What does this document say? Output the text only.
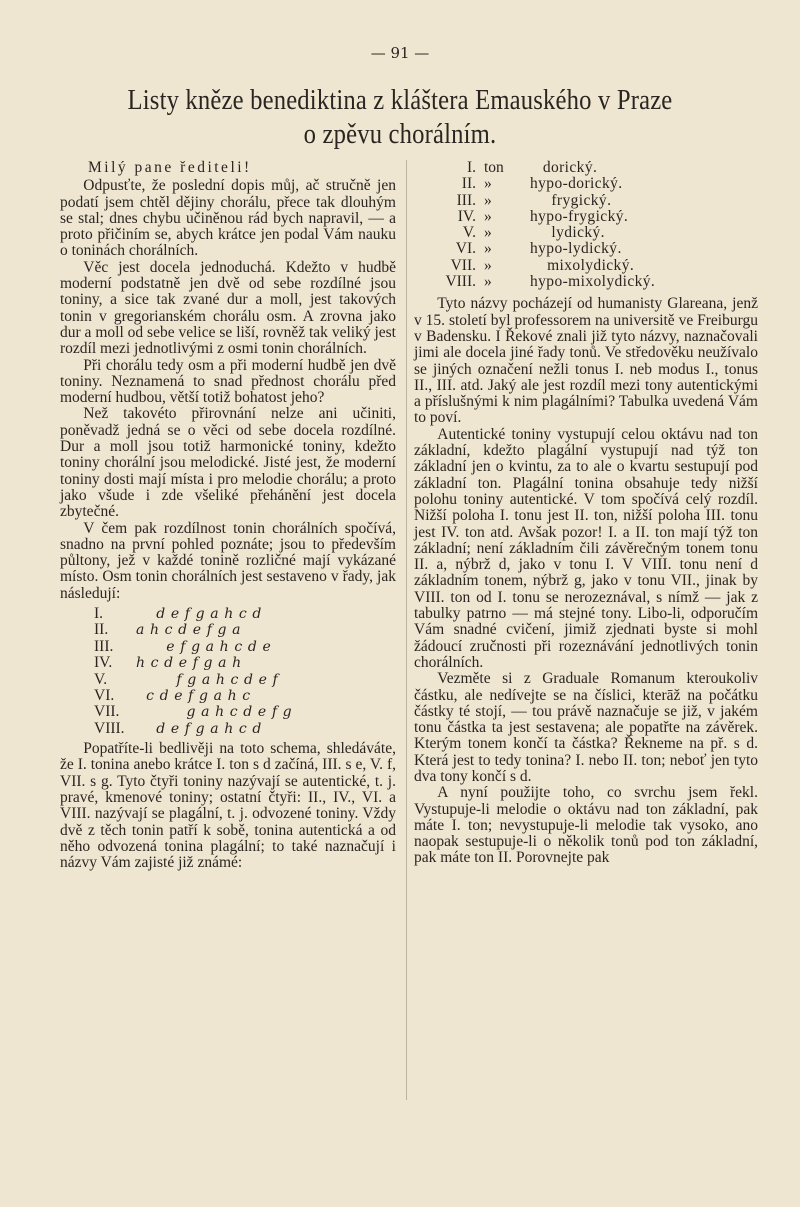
— 91 —
Listy kněze benediktina z kláštera Emauského v Praze
o zpěvu chorálním.
Milý pane řediteli!

Odpusťte, že poslední dopis můj, ač stručně jen podatí jsem chtěl dějiny chorálu, přece tak dlouhým se stal; dnes chybu učiněnou rád bych napravil, — a proto přičiním se, abych krátce jen podal Vám nauku o toninách chorálních.

Věc jest docela jednoduchá. Kdežto v hudbě moderní podstatně jen dvě od sebe rozdílné jsou toniny, a sice tak zvané dur a moll, jest takových tonin v gregorianském chorálu osm. A zrovna jako dur a moll od sebe velice se liší, rovněž tak veliký jest rozdíl mezi jednotlivými z osmi tonin chorálních.

Při chorálu tedy osm a při moderní hudbě jen dvě toniny. Neznamená to snad přednost chorálu před moderní hudbou, větší totiž bohatost jeho?

Než takovéto přirovnání nelze ani učiniti, poněvadž jedná se o věci od sebe docela rozdílné. Dur a moll jsou totiž harmonické toniny, kdežto toniny chorální jsou melodické. Jisté jest, že moderní toniny dosti mají místa i pro melodie chorálu; a proto jako všude i zde všeliké přehánění jest docela zbytečné.

V čem pak rozdílnost tonin chorálních spočívá, snadno na první pohled poznáte; jsou to především půltony, jež v každé tonině rozličné mají vykázané místo. Osm tonin chorálních jest sestaveno v řady, jak následují:

I.	d e f g a h c d
II.	a h c d e f g a
III.	e f g a h c d e
IV.	h c d e f g a h
V.	f g a h c d e f
VI.	c d e f g a h c
VII.	g a h c d e f g
VIII. d e f g a h c d

Popatříte-li bedlivěji na toto schema, shledáváte, že I. tonina anebo krátce I. ton s d začíná, III. s e, V. f, VII. s g. Tyto čtyři toniny nazývají se autentické, t. j. pravé, kmenové toniny; ostatní čtyři: II., IV., VI. a VIII. nazývají se plagální, t. j. odvozené toniny. Vždy dvě z těch tonin patří k sobě, tonina autentická a od něho odvozená tonina plagální; to také naznačují i názvy Vám zajisté již známé:

I. ton	dorický.
II. »	hypo-dorický.
III. »	frygický.
IV. »	hypo-frygický.
V. »	lydický.
VI. »	hypo-lydický.
VII. »	mixolydický.
VIII. »	hypo-mixolydický.

Tyto názvy pocházejí od humanisty Glareana, jenž v 15. století byl professorem na universitě ve Freiburgu v Badensku. I Řekové znali již tyto názvy, naznačovali jimi ale docela jiné řady tonů. Ve středověku neužívalo se jiných označení nežli tonus I. neb modus I., tonus II., III. atd. Jaký ale jest rozdíl mezi tony autentickými a příslušnými k nim plagálními? Tabulka uvedená Vám to poví.

Autentické toniny vystupují celou oktávu nad ton základní, kdežto plagální vystupují nad týž ton základní jen o kvintu, za to ale o kvartu sestupují pod základní ton. Plagální tonina obsahuje tedy nižší polohu toniny autentické. V tom spočívá celý rozdíl. Nižší poloha I. tonu jest II. ton, nižší poloha III. tonu jest IV. ton atd. Avšak pozor! I. a II. ton mají týž ton základní; není základním čili závěrečným tonem tonu II. a, nýbrž d, jako v tonu I. V VIII. tonu není d základním tonem, nýbrž g, jako v tonu VII., jinak by VIII. ton od I. tonu se nerozeznával, s nímž — jak z tabulky patrno — má stejné tony. Libo-li, odporučím Vám snadné cvičení, jimiž zjednati byste si mohl žádoucí zručnosti při rozeznávání jednotlivých tonin chorálních.

Vezměte si z Graduale Romanum kteroukoliv částku, ale nedívejte se na číslici, kterāž na počátku částky té stojí, — tou právě naznačuje se již, v jakém tonu částka ta jest sestavena; ale popatřte na závěrek. Kterým tonem končí ta částka? Řekneme na př. s d. Která jest to tedy tonina? I. nebo II. ton; neboť jen tyto dva tony končí s d.

A nyní použijte toho, co svrchu jsem řekl. Vystupuje-li melodie o oktávu nad ton základní, pak máte I. ton; nevystupuje-li melodie tak vysoko, ano naopak sestupuje-li o několik tonů pod ton základní, pak máte ton II. Porovnejte pak
